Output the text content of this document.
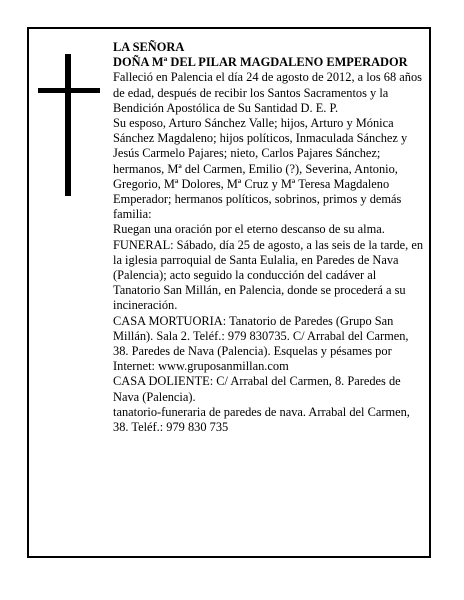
LA SEÑORA

DOÑA Mª DEL PILAR MAGDALENO EMPERADOR

Falleció en Palencia el día 24 de agosto de 2012, a los 68 años de edad, después de recibir los Santos Sacramentos y la Bendición Apostólica de Su Santidad D. E. P.

Su esposo, Arturo Sánchez Valle; hijos, Arturo y Mónica Sánchez Magdaleno; hijos políticos, Inmaculada Sánchez y Jesús Carmelo Pajares; nieto, Carlos Pajares Sánchez; hermanos, Mª del Carmen, Emilio (?), Severina, Antonio, Gregorio, Mª Dolores, Mª Cruz y Mª Teresa Magdaleno Emperador; hermanos políticos, sobrinos, primos y demás familia:

Ruegan una oración por el eterno descanso de su alma.

FUNERAL: Sábado, día 25 de agosto, a las seis de la tarde, en la iglesia parroquial de Santa Eulalia, en Paredes de Nava (Palencia); acto seguido la conducción del cadáver al Tanatorio San Millán, en Palencia, donde se procederá a su incineración.

CASA MORTUORIA: Tanatorio de Paredes (Grupo San Millán). Sala 2. Teléf.: 979 830735. C/ Arrabal del Carmen, 38. Paredes de Nava (Palencia). Esquelas y pésames por Internet: www.gruposanmillan.com

CASA DOLIENTE: C/ Arrabal del Carmen, 8. Paredes de Nava (Palencia).

tanatorio-funeraria de paredes de nava. Arrabal del Carmen, 38. Teléf.: 979 830 735
